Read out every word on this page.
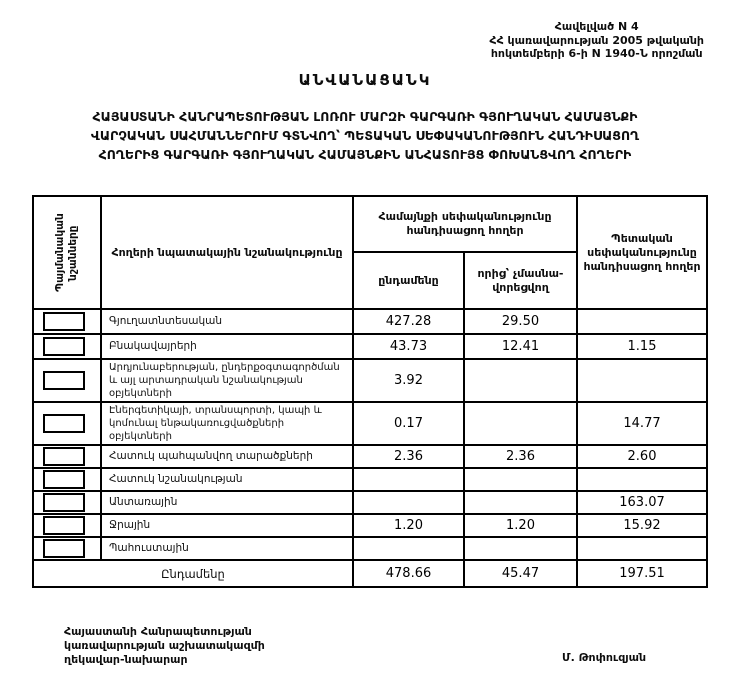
Հավելված N 4
ՀՀ կառավարության 2005 թվականի
հոկտեմբերի 6-ի N 1940-Ն որոշման
ԱՆՎԱՆԱՑԱՆԿ
ՀԱՅԱՍՏԱՆԻ ՀԱՆՐԱՊԵՏՈՒԹՅԱՆ ԼՈՌՈՒ ՄԱՐԶԻ ԳԱՐԳԱՌԻ ԳՅՈՒՂԱԿԱՆ ՀԱՄԱՅՆՔԻ
ՎԱՐՉԱԿԱՆ ՍԱՀՄԱՆՆԵՐՈՒՄ ԳՏՆՎՈՂ՝ ՊԵՏԱԿԱՆ ՍԵՓԱԿԱՆՈՒԹՅՈՒՆ ՀԱՆԴԻՍԱՑՈՂ
ՀՈՂԵՐԻՑ ԳԱՐԳԱՌԻ ԳՅՈՒՂԱԿԱՆ ՀԱՄԱՅՆՔԻՆ ԱՆՀԱՏՈՒՅՑ ՓՈԽԱՆՑՎՈՂ ՀՈՂԵՐԻ
Պայմանական նշանները	Հողերի նպատակային նշանակությունը	Համայնքի սեփականությունը հանդիսացող հողեր		Պետական սեփականությունը հանդիսացող հողեր
		ընդամենը	որից՝ չմասնա-վորեցվող	

	Գյուղատնտեսական	427.28	29.50	

	Բնակավայրերի	43.73	12.41	1.15

	Արդյունաբերության, ընդերքօգտագործման և այլ արտադրական նշանակության օբյեկտների	3.92		

	Էներգետիկայի, տրանսպորտի, կապի և կոմունալ ենթակառուցվածքների օբյեկտների	0.17		14.77

	Հատուկ պահպանվող տարածքների	2.36	2.36	2.60

	Հատուկ նշանակության			

	Անտառային			163.07

	Ջրային	1.20	1.20	15.92

	Պահուստային			
Ընդամենը		478.66	45.47	197.51
Հայաստանի Հանրապետության
կառավարության աշխատակազմի
ղեկավար-նախարար	Մ. Թոփուզյան
